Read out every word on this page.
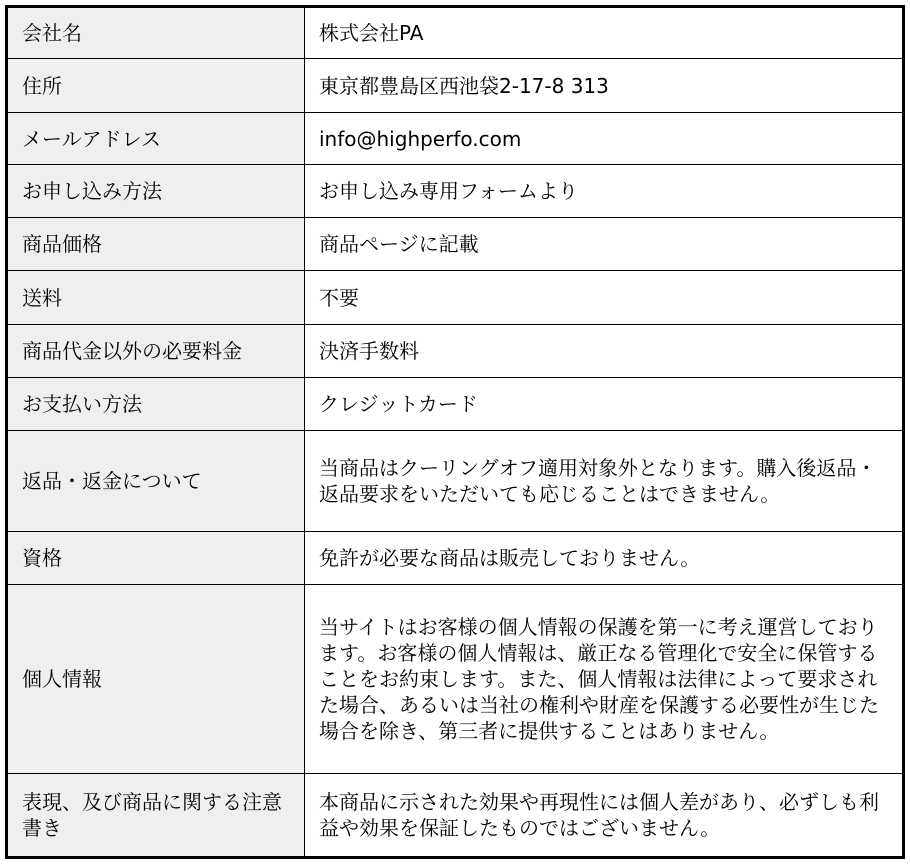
会社名	株式会社PA
住所	東京都豊島区西池袋2-17-8 313
メールアドレス	info@highperfo.com
お申し込み方法	お申し込み専用フォームより
商品価格	商品ページに記載
送料	不要
商品代金以外の必要料金	決済手数料
お支払い方法	クレジットカード
返品・返金について	当商品はクーリングオフ適用対象外となります。購入後返品・返品要求をいただいても応じることはできません。
資格	免許が必要な商品は販売しておりません。
個人情報	当サイトはお客様の個人情報の保護を第一に考え運営しております。お客様の個人情報は、厳正なる管理化で安全に保管することをお約束します。また、個人情報は法律によって要求された場合、あるいは当社の権利や財産を保護する必要性が生じた場合を除き、第三者に提供することはありません。
表現、及び商品に関する注意書き	本商品に示された効果や再現性には個人差があり、必ずしも利益や効果を保証したものではございません。
